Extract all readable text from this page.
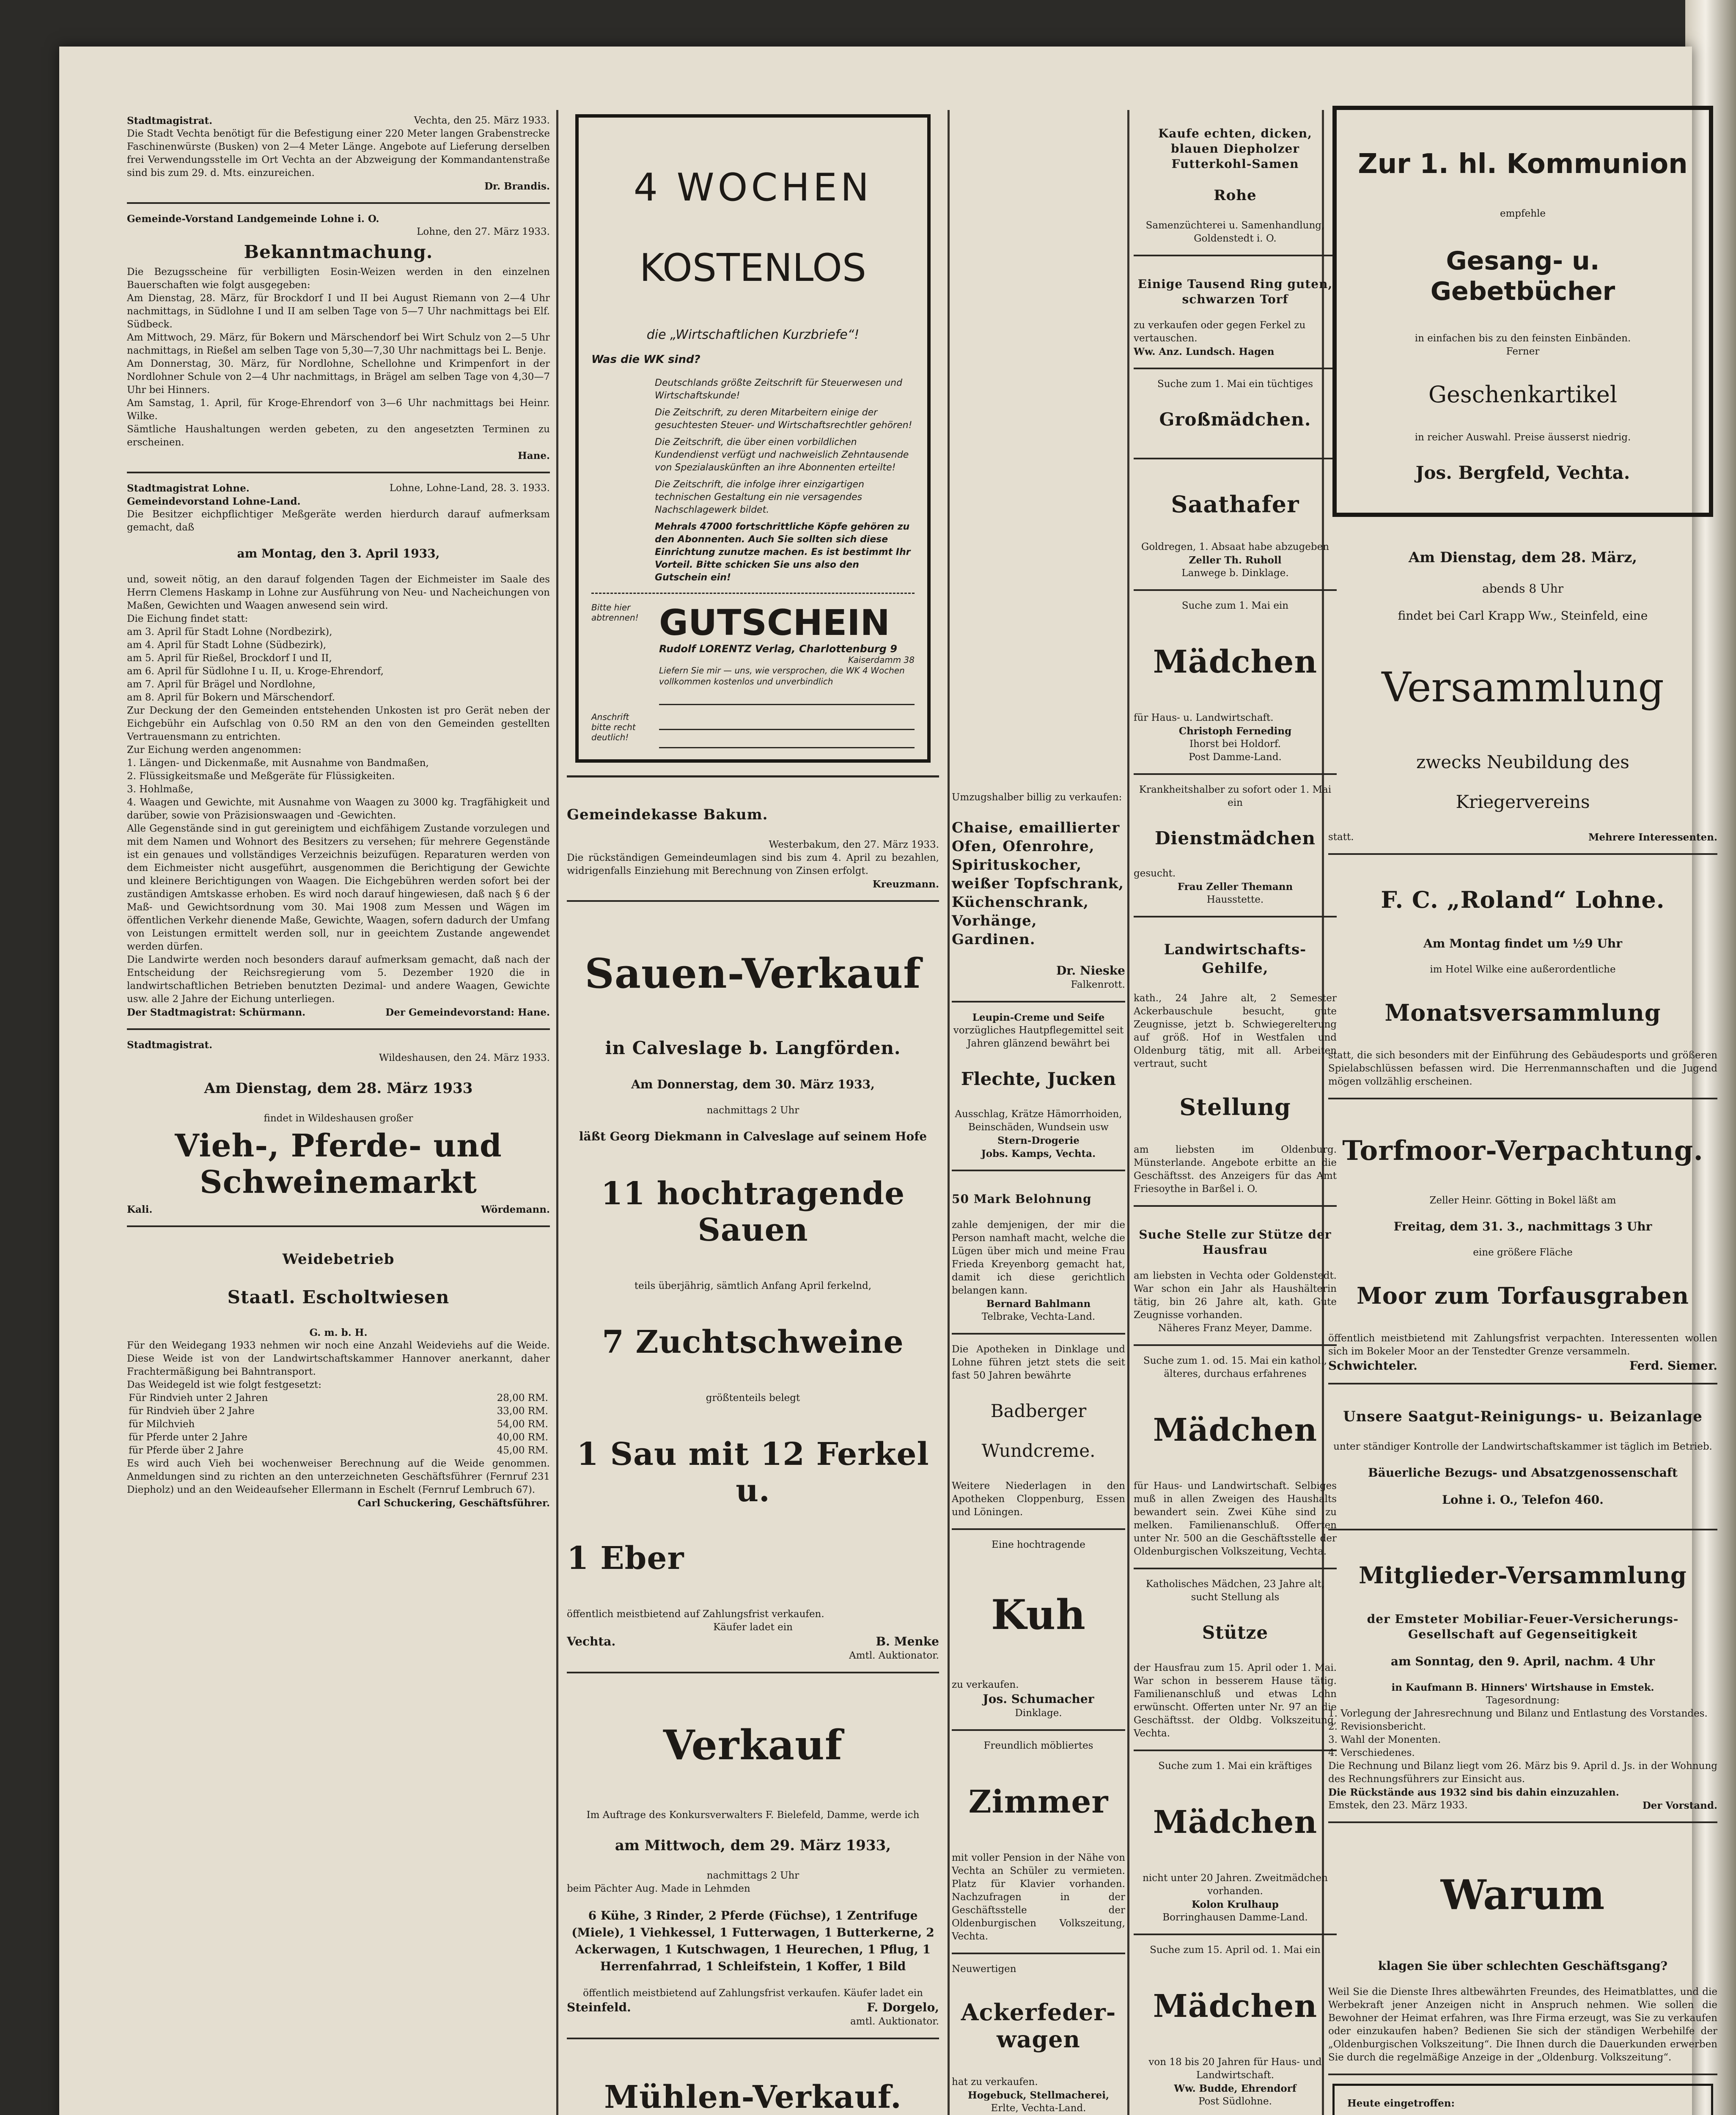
Stadtmagistrat.	Vechta, den 25. März 1933.

Die Stadt Vechta benötigt für die Befestigung einer 220 Meter langen Grabenstrecke Faschinenwürste (Busken) von 2—4 Meter Länge. Angebote auf Lieferung derselben frei Verwendungsstelle im Ort Vechta an der Abzweigung der Kommandantenstraße sind bis zum 29. d. Mts. einzureichen.

Dr. Brandis.

Gemeinde-Vorstand Landgemeinde Lohne i. O.

Lohne, den 27. März 1933.

Bekanntmachung.

Die Bezugsscheine für verbilligten Eosin-Weizen werden in den einzelnen Bauerschaften wie folgt ausgegeben:

Am Dienstag, 28. März, für Brockdorf I und II bei August Riemann von 2—4 Uhr nachmittags, in Südlohne I und II am selben Tage von 5—7 Uhr nachmittags bei Elf. Südbeck.

Am Mittwoch, 29. März, für Bokern und Märschendorf bei Wirt Schulz von 2—5 Uhr nachmittags, in Rießel am selben Tage von 5,30—7,30 Uhr nachmittags bei L. Benje.

Am Donnerstag, 30. März, für Nordlohne, Schellohne und Krimpenfort in der Nordlohner Schule von 2—4 Uhr nachmittags, in Brägel am selben Tage von 4,30—7 Uhr bei Hinners.

Am Samstag, 1. April, für Kroge-Ehrendorf von 3—6 Uhr nachmittags bei Heinr. Wilke.

Sämtliche Haushaltungen werden gebeten, zu den angesetzten Terminen zu erscheinen.

Hane.

Stadtmagistrat Lohne. Gemeindevorstand Lohne-Land.
Lohne, Lohne-Land, 28. 3. 1933.

Die Besitzer eichpflichtiger Meßgeräte werden hierdurch darauf aufmerksam gemacht, daß

am Montag, den 3. April 1933,

und, soweit nötig, an den darauf folgenden Tagen der Eichmeister im Saale des Herrn Clemens Haskamp in Lohne zur Ausführung von Neu- und Nacheichungen von Maßen, Gewichten und Waagen anwesend sein wird.

Die Eichung findet statt:

am 3. April für Stadt Lohne (Nordbezirk),

am 4. April für Stadt Lohne (Südbezirk),

am 5. April für Rießel, Brockdorf I und II,

am 6. April für Südlohne I u. II, u. Kroge-Ehrendorf,

am 7. April für Brägel und Nordlohne,

am 8. April für Bokern und Märschendorf.

Zur Deckung der den Gemeinden entstehenden Unkosten ist pro Gerät neben der Eichgebühr ein Aufschlag von 0.50 RM an den von den Gemeinden gestellten Vertrauensmann zu entrichten.

Zur Eichung werden angenommen:

1. Längen- und Dickenmaße, mit Ausnahme von Bandmaßen,

2. Flüssigkeitsmaße und Meßgeräte für Flüssigkeiten.

3. Hohlmaße,

4. Waagen und Gewichte, mit Ausnahme von Waagen zu 3000 kg. Tragfähigkeit und darüber, sowie von Präzisionswaagen und -Gewichten.

Alle Gegenstände sind in gut gereinigtem und eichfähigem Zustande vorzulegen und mit dem Namen und Wohnort des Besitzers zu versehen; für mehrere Gegenstände ist ein genaues und vollständiges Verzeichnis beizufügen. Reparaturen werden von dem Eichmeister nicht ausgeführt, ausgenommen die Berichtigung der Gewichte und kleinere Berichtigungen von Waagen. Die Eichgebühren werden sofort bei der zuständigen Amtskasse erhoben. Es wird noch darauf hingewiesen, daß nach § 6 der Maß- und Gewichtsordnung vom 30. Mai 1908 zum Messen und Wägen im öffentlichen Verkehr dienende Maße, Gewichte, Waagen, sofern dadurch der Umfang von Leistungen ermittelt werden soll, nur in geeichtem Zustande angewendet werden dürfen.

Die Landwirte werden noch besonders darauf aufmerksam gemacht, daß nach der Entscheidung der Reichsregierung vom 5. Dezember 1920 die in landwirtschaftlichen Betrieben benutzten Dezimal- und andere Waagen, Gewichte usw. alle 2 Jahre der Eichung unterliegen.

Der Stadtmagistrat: Schürmann.	Der Gemeindevorstand: Hane.
Stadtmagistrat.

Wildeshausen, den 24. März 1933.

Am Dienstag, dem 28. März 1933

findet in Wildeshausen großer

Vieh-, Pferde- und Schweinemarkt

Kali.	Wördemann.

Weidebetrieb

Staatl. Escholtwiesen

G. m. b. H.

Für den Weidegang 1933 nehmen wir noch eine Anzahl Weideviehs auf die Weide. Diese Weide ist von der Landwirtschaftskammer Hannover anerkannt, daher Frachtermäßigung bei Bahntransport.

Das Weidegeld ist wie folgt festgesetzt:

Für Rindvieh unter 2 Jahren	28,00 RM.
für Rindvieh über 2 Jahre	33,00 RM.
für Milchvieh	54,00 RM.
für Pferde unter 2 Jahre	40,00 RM.
für Pferde über 2 Jahre	45,00 RM.

Es wird auch Vieh bei wochenweiser Berechnung auf die Weide genommen. Anmeldungen sind zu richten an den unterzeichneten Geschäftsführer (Fernruf 231 Diepholz) und an den Weideaufseher Ellermann in Eschelt (Fernruf Lembruch 67).

Carl Schuckering, Geschäftsführer.

4 WOCHEN

KOSTENLOS

die „Wirtschaftlichen Kurzbriefe“!

Was die WK sind?

Deutschlands größte Zeitschrift für Steuerwesen und Wirtschaftskunde!

Die Zeitschrift, zu deren Mitarbeitern einige der gesuchtesten Steuer- und Wirtschaftsrechtler gehören!

Die Zeitschrift, die über einen vorbildlichen Kundendienst verfügt und nachweislich Zehntausende von Spezialauskünften an ihre Abonnenten erteilte!

Die Zeitschrift, die infolge ihrer einzigartigen technischen Gestaltung ein nie versagendes Nachschlagewerk bildet.

Mehrals 47000 fortschrittliche Köpfe gehören zu den Abonnenten. Auch Sie sollten sich diese Einrichtung zunutze machen. Es ist bestimmt Ihr Vorteil. Bitte schicken Sie uns also den Gutschein ein!

Bitte hier abtrennen! GUTSCHEIN

Rudolf LORENTZ Verlag, Charlottenburg 9

Kaiserdamm 38

Liefern Sie mir — uns, wie versprochen, die WK 4 Wochen vollkommen kostenlos und unverbindlich

Anschrift bitte recht deutlich!

Gemeindekasse Bakum.

Westerbakum, den 27. März 1933.

Die rückständigen Gemeindeumlagen sind bis zum 4. April zu bezahlen, widrigenfalls Einziehung mit Berechnung von Zinsen erfolgt.

Kreuzmann.

Sauen-Verkauf

in Calveslage b. Langförden.

Am Donnerstag, dem 30. März 1933,

nachmittags 2 Uhr

läßt Georg Diekmann in Calveslage auf seinem Hofe

11 hochtragende Sauen

teils überjährig, sämtlich Anfang April ferkelnd,

7 Zuchtschweine

größtenteils belegt

1 Sau mit 12 Ferkel u.

1 Eber

öffentlich meistbietend auf Zahlungsfrist verkaufen.

Käufer ladet ein

Vechta.	B. Menke

Amtl. Auktionator.

Verkauf

Im Auftrage des Konkursverwalters F. Bielefeld, Damme, werde ich

am Mittwoch, dem 29. März 1933,

nachmittags 2 Uhr

beim Pächter Aug. Made in Lehmden

6 Kühe, 3 Rinder, 2 Pferde (Füchse), 1 Zentrifuge (Miele), 1 Viehkessel, 1 Futterwagen, 1 Butterkerne, 2 Ackerwagen, 1 Kutschwagen, 1 Heurechen, 1 Pflug, 1 Herrenfahrrad, 1 Schleifstein, 1 Koffer, 1 Bild

öffentlich meistbietend auf Zahlungsfrist verkaufen. Käufer ladet ein

Steinfeld.	F. Dorgelo,

amtl. Auktionator.

Mühlen-Verkauf.

Umzugshalber billig zu verkaufen:

Chaise, emaillierter Ofen, Ofenrohre, Spirituskocher, weißer Topfschrank, Küchenschrank, Vorhänge, Gardinen.

Dr. Nieske

Falkenrott.

Leupin-Creme und Seife

vorzügliches Hautpflegemittel seit Jahren glänzend bewährt bei

Flechte, Jucken

Ausschlag, Krätze Hämorrhoiden, Beinschäden, Wundsein usw

Stern-Drogerie

Jobs. Kamps, Vechta.

50 Mark Belohnung

zahle demjenigen, der mir die Person namhaft macht, welche die Lügen über mich und meine Frau Frieda Kreyenborg gemacht hat, damit ich diese gerichtlich belangen kann.

Bernard Bahlmann

Telbrake, Vechta-Land.

Die Apotheken in Dinklage und Lohne führen jetzt stets die seit fast 50 Jahren bewährte

Badberger

Wundcreme.

Weitere Niederlagen in den Apotheken Cloppenburg, Essen und Löningen.

Eine hochtragende

Kuh

zu verkaufen.

Jos. Schumacher

Dinklage.

Freundlich möbliertes

Zimmer

mit voller Pension in der Nähe von Vechta an Schüler zu vermieten. Platz für Klavier vorhanden. Nachzufragen in der Geschäftsstelle der Oldenburgischen Volkszeitung, Vechta.

Neuwertigen

Ackerfeder-wagen

hat zu verkaufen.

Hogebuck, Stellmacherei,

Erlte, Vechta-Land.

Kaufe echten, dicken, blauen Diepholzer Futterkohl-Samen

Rohe

Samenzüchterei u. Samenhandlung, Goldenstedt i. O.

Einige Tausend Ring guten, schwarzen Torf

zu verkaufen oder gegen Ferkel zu vertauschen.

Ww. Anz. Lundsch. Hagen

Suche zum 1. Mai ein tüchtiges

Großmädchen.

Saathafer

Goldregen, 1. Absaat habe abzugeben

Zeller Th. Ruholl

Lanwege b. Dinklage.

Suche zum 1. Mai ein

Mädchen

für Haus- u. Landwirtschaft.

Christoph Ferneding

Ihorst bei Holdorf.

Post Damme-Land.

Krankheitshalber zu sofort oder 1. Mai ein

Dienstmädchen

gesucht.

Frau Zeller Themann

Hausstette.

Landwirtschafts-Gehilfe,

kath., 24 Jahre alt, 2 Semester Ackerbauschule besucht, gute Zeugnisse, jetzt b. Schwiegerelterung auf größ. Hof in Westfalen und Oldenburg tätig, mit all. Arbeiten vertraut, sucht

Stellung

am liebsten im Oldenburg. Münsterlande. Angebote erbitte an die Geschäftsst. des Anzeigers für das Amt Friesoythe in Barßel i. O.

Suche Stelle zur Stütze der Hausfrau

am liebsten in Vechta oder Goldenstedt. War schon ein Jahr als Haushälterin tätig, bin 26 Jahre alt, kath. Gute Zeugnisse vorhanden.

Näheres Franz Meyer, Damme.

Suche zum 1. od. 15. Mai ein kathol., älteres, durchaus erfahrenes

Mädchen

für Haus- und Landwirtschaft. Selbiges muß in allen Zweigen des Haushalts bewandert sein. Zwei Kühe sind zu melken. Familienanschluß. Offerten unter Nr. 500 an die Geschäftsstelle der Oldenburgischen Volkszeitung, Vechta.

Katholisches Mädchen, 23 Jahre alt, sucht Stellung als

Stütze

der Hausfrau zum 15. April oder 1. Mai. War schon in besserem Hause tätig. Familienanschluß und etwas Lohn erwünscht. Offerten unter Nr. 97 an die Geschäftsst. der Oldbg. Volkszeitung, Vechta.

Suche zum 1. Mai ein kräftiges

Mädchen

nicht unter 20 Jahren. Zweitmädchen vorhanden.

Kolon Krulhaup

Borringhausen Damme-Land.

Suche zum 15. April od. 1. Mai ein

Mädchen

von 18 bis 20 Jahren für Haus- und Landwirtschaft.

Ww. Budde, Ehrendorf

Post Südlohne.

Zur 1. hl. Kommunion

empfehle

Gesang- u. Gebetbücher

in einfachen bis zu den feinsten Einbänden.

Ferner

Geschenkartikel

in reicher Auswahl. Preise äusserst niedrig.

Jos. Bergfeld, Vechta.

Am Dienstag, dem 28. März,

abends 8 Uhr

findet bei Carl Krapp Ww., Steinfeld, eine

Versammlung

zwecks Neubildung des

Kriegervereins

statt.	Mehrere Interessenten.

F. C. „Roland“ Lohne.

Am Montag findet um ½9 Uhr

im Hotel Wilke eine außerordentliche

Monatsversammlung

statt, die sich besonders mit der Einführung des Gebäudesports und größeren Spielabschlüssen befassen wird. Die Herrenmannschaften und die Jugend mögen vollzählig erscheinen.

Torfmoor-Verpachtung.

Zeller Heinr. Götting in Bokel läßt am

Freitag, dem 31. 3., nachmittags 3 Uhr

eine größere Fläche

Moor zum Torfausgraben

öffentlich meistbietend mit Zahlungsfrist verpachten. Interessenten wollen sich im Bokeler Moor an der Tenstedter Grenze versammeln.

Schwichteler.	Ferd. Siemer.

Unsere Saatgut-Reinigungs- u. Beizanlage

unter ständiger Kontrolle der Landwirtschaftskammer ist täglich im Betrieb.

Bäuerliche Bezugs- und Absatzgenossenschaft

Lohne i. O., Telefon 460.

Mitglieder-Versammlung

der Emsteter Mobiliar-Feuer-Versicherungs-Gesellschaft auf Gegenseitigkeit

am Sonntag, den 9. April, nachm. 4 Uhr

in Kaufmann B. Hinners' Wirtshause in Emstek.

Tagesordnung:

1. Vorlegung der Jahresrechnung und Bilanz und Entlastung des Vorstandes.

2. Revisionsbericht.

3. Wahl der Monenten.

4. Verschiedenes.

Die Rechnung und Bilanz liegt vom 26. März bis 9. April d. Js. in der Wohnung des Rechnungsführers zur Einsicht aus.

Die Rückstände aus 1932 sind bis dahin einzuzahlen.

Emstek, den 23. März 1933.	Der Vorstand.

Warum

klagen Sie über schlechten Geschäftsgang?

Weil Sie die Dienste Ihres altbewährten Freundes, des Heimatblattes, und die Werbekraft jener Anzeigen nicht in Anspruch nehmen. Wie sollen die Bewohner der Heimat erfahren, was Ihre Firma erzeugt, was Sie zu verkaufen oder einzukaufen haben? Bedienen Sie sich der ständigen Werbehilfe der „Oldenburgischen Volkszeitung“. Die Ihnen durch die Dauerkunden erwerben Sie durch die regelmäßige Anzeige in der „Oldenburg. Volkszeitung“.

Heute eingetroffen:
